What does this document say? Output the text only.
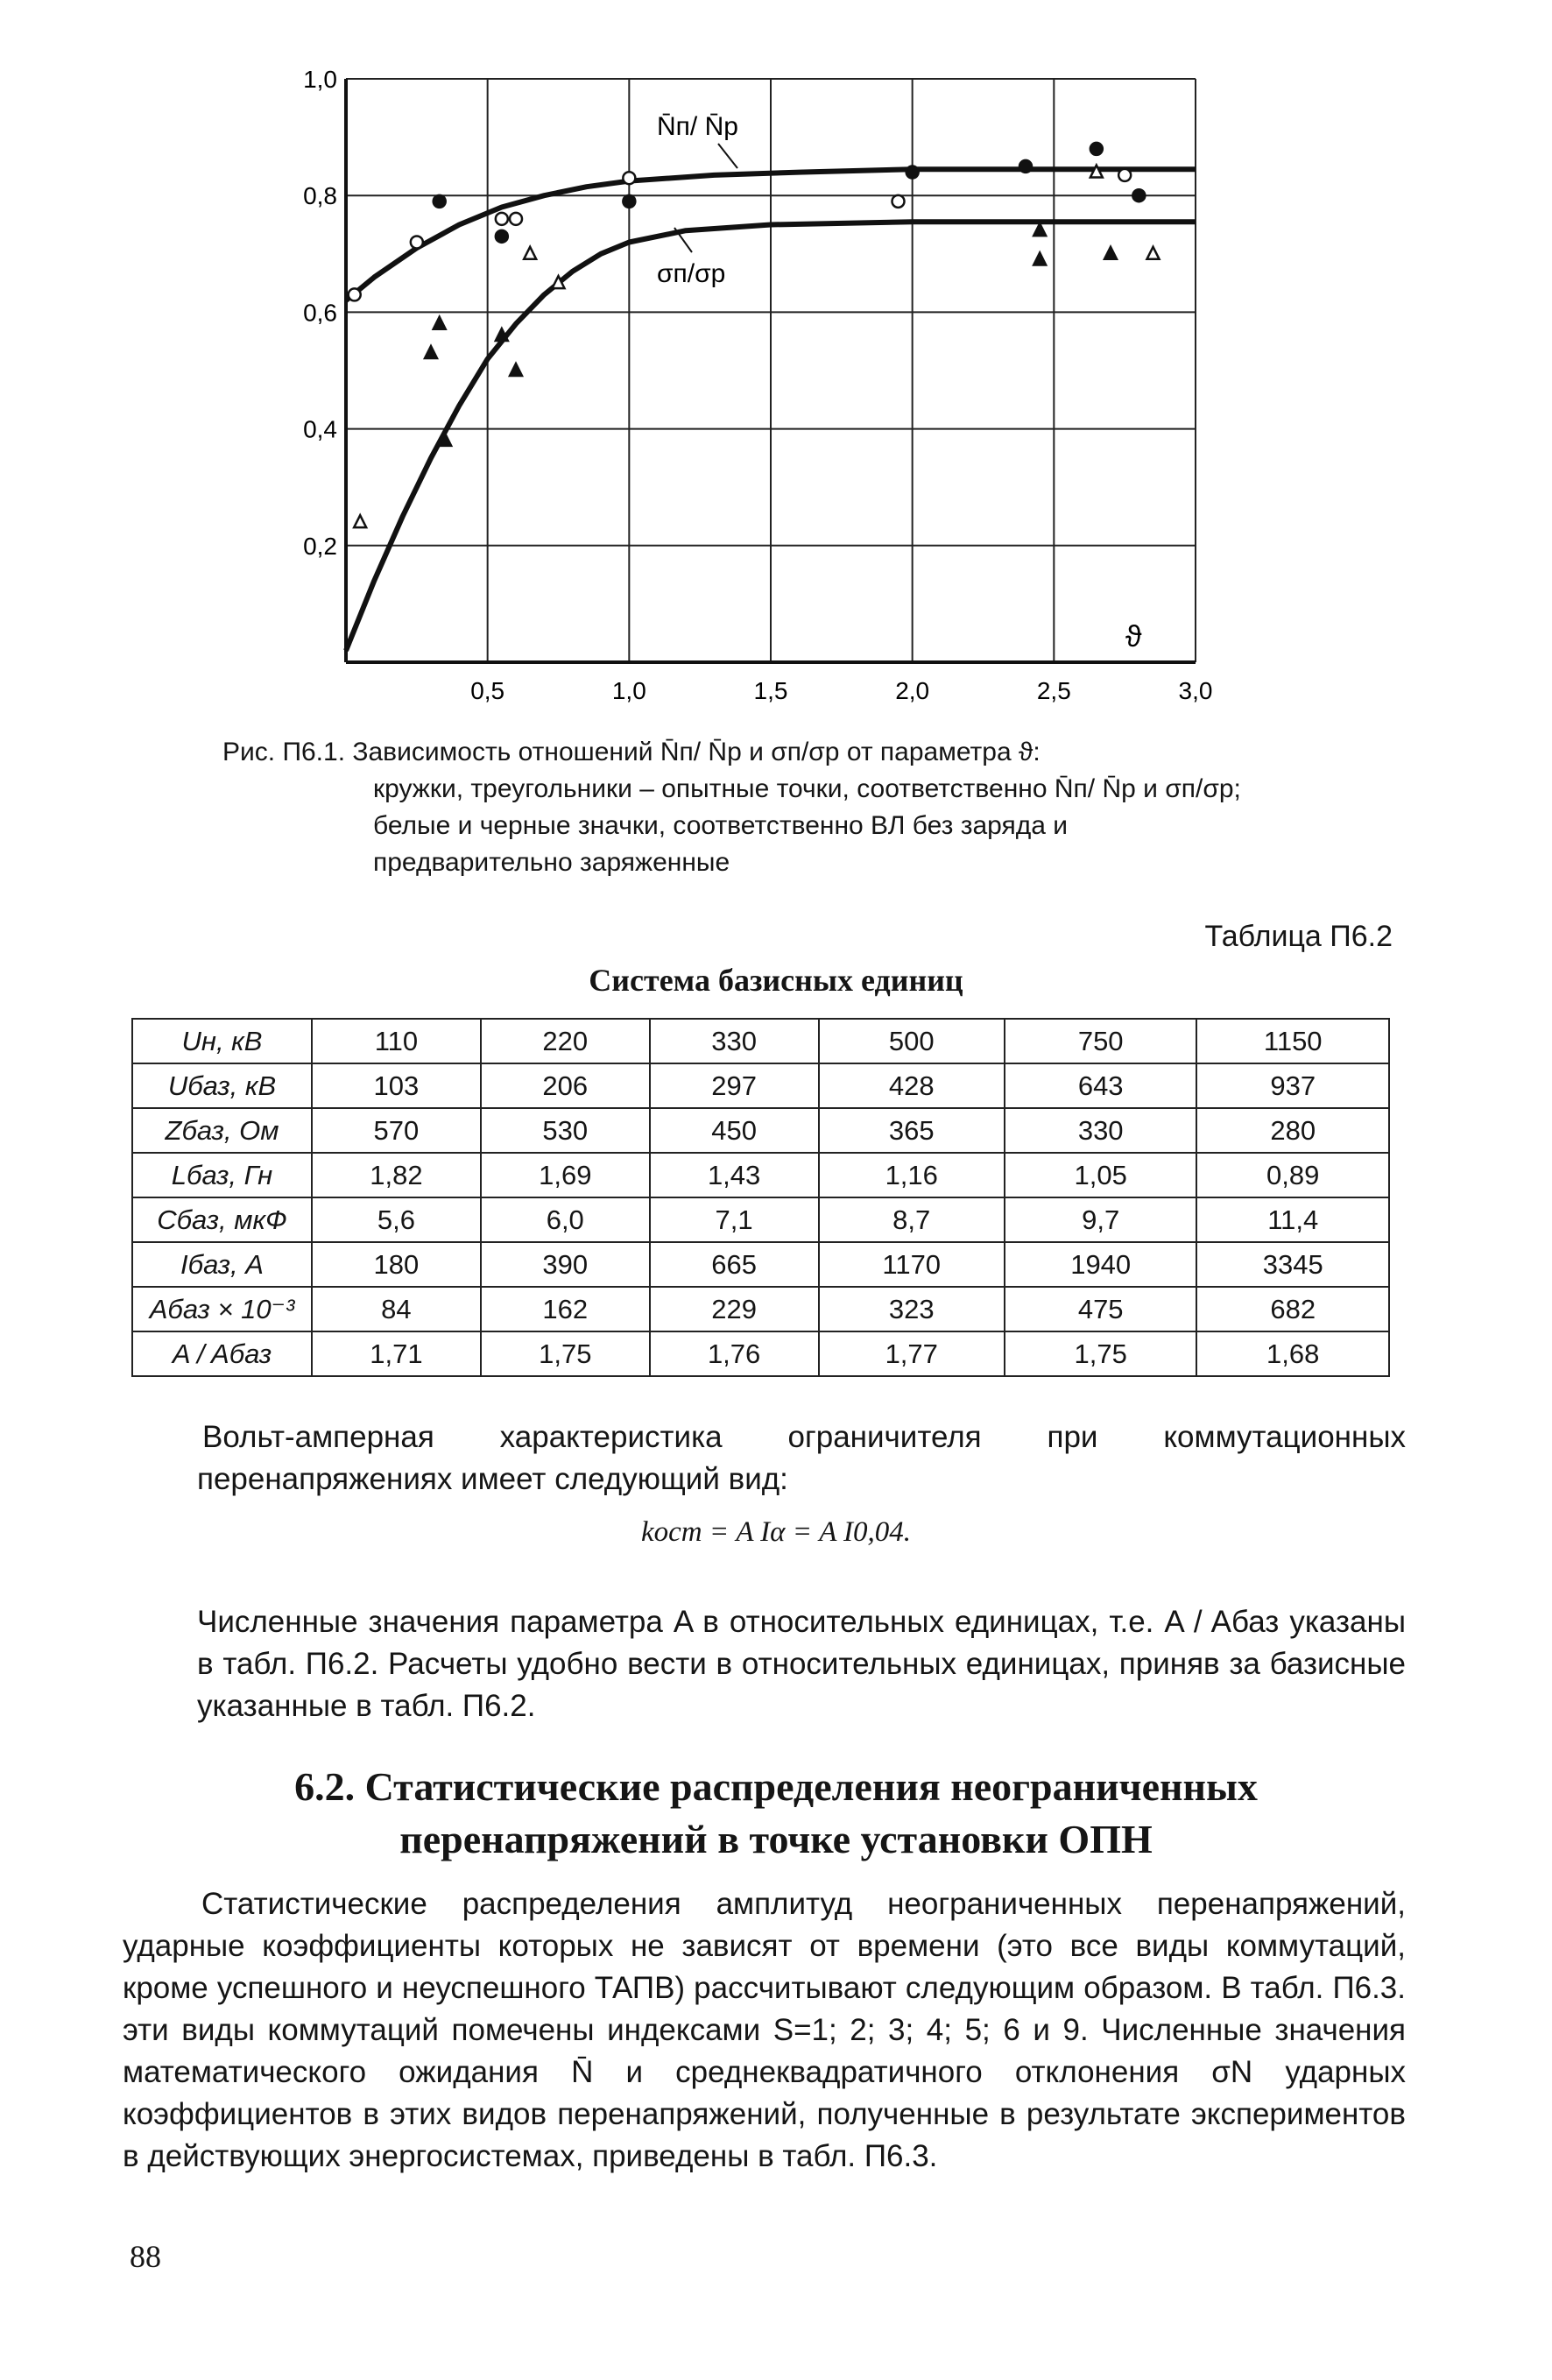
0,5	1,0	1,5	2,0	2,5	3,0
0,2
0,4
0,6
0,8
1,0
N̄п/ N̄р
σп/σр
ϑ
Рис. П6.1. Зависимость отношений N̄п/ N̄р и σп/σр от параметра ϑ:
кружки, треугольники – опытные точки, соответственно N̄п/ N̄р и σп/σр;
белые и черные значки, соответственно ВЛ без заряда и
предварительно заряженные
Таблица П6.2
Система базисных единиц
Uн, кВ	110	220	330	500	750	1150
Uбаз, кВ	103	206	297	428	643	937
Zбаз, Ом	570	530	450	365	330	280
Lбаз, Гн	1,82	1,69	1,43	1,16	1,05	0,89
Сбаз, мкФ	5,6	6,0	7,1	8,7	9,7	11,4
Iбаз, А	180	390	665	1170	1940	3345
Aбаз × 10⁻³	84	162	229	323	475	682
A / Aбаз	1,71	1,75	1,76	1,77	1,75	1,68
Вольт-амперная характеристика ограничителя при коммутационных перенапряжениях имеет следующий вид:
kост = A Iα = A I0,04.
Численные значения параметра A в относительных единицах, т.е. A / Aбаз указаны в табл. П6.2. Расчеты удобно вести в относительных единицах, приняв за базисные указанные в табл. П6.2.
6.2. Статистические распределения неограниченных
перенапряжений в точке установки ОПН
Статистические распределения амплитуд неограниченных перенапряжений, ударные коэффициенты которых не зависят от времени (это все виды коммутаций, кроме успешного и неуспешного ТАПВ) рассчитывают следующим образом. В табл. П6.3. эти виды коммутаций помечены индексами S=1; 2; 3; 4; 5; 6 и 9. Численные значения математического ожидания N̄ и среднеквадратичного отклонения σN ударных коэффициентов в этих видов перенапряжений, полученные в результате экспериментов в действующих энергосистемах, приведены в табл. П6.3.
88
